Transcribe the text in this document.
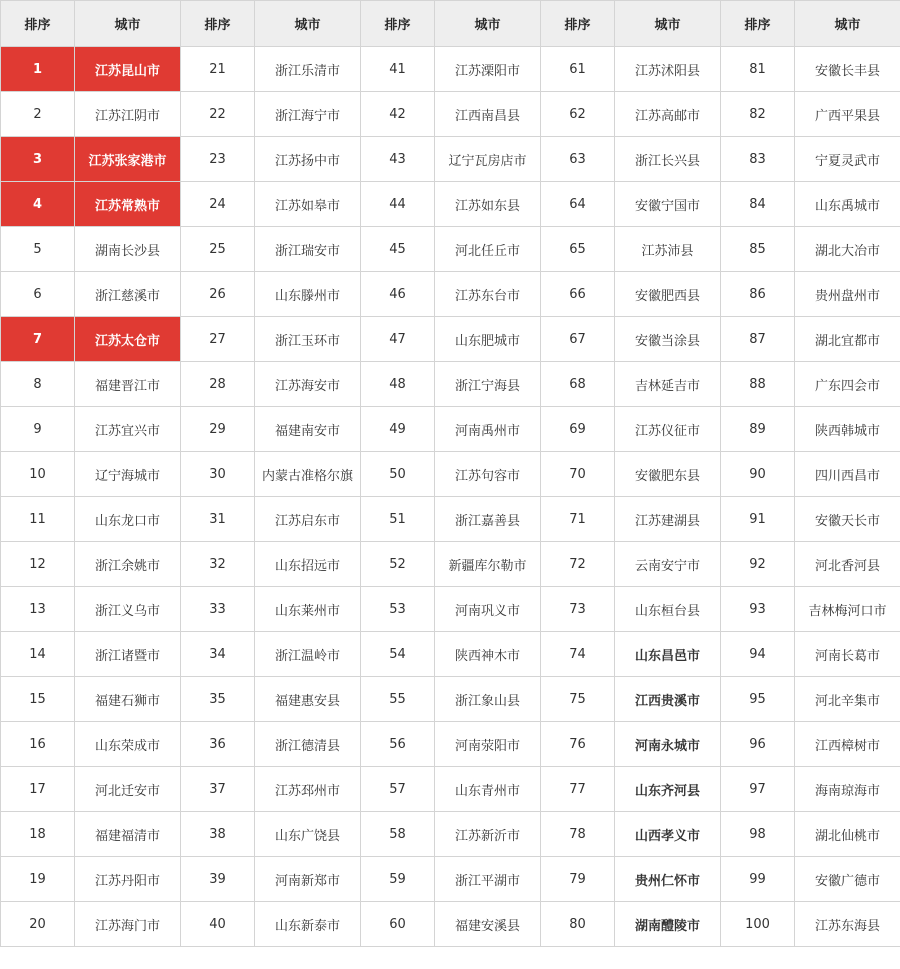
排序	城市	排序	城市	排序	城市	排序	城市	排序	城市
1	江苏昆山市	21	浙江乐清市	41	江苏溧阳市	61	江苏沭阳县	81	安徽长丰县
2	江苏江阴市	22	浙江海宁市	42	江西南昌县	62	江苏高邮市	82	广西平果县
3	江苏张家港市	23	江苏扬中市	43	辽宁瓦房店市	63	浙江长兴县	83	宁夏灵武市
4	江苏常熟市	24	江苏如皋市	44	江苏如东县	64	安徽宁国市	84	山东禹城市
5	湖南长沙县	25	浙江瑞安市	45	河北任丘市	65	江苏沛县	85	湖北大冶市
6	浙江慈溪市	26	山东滕州市	46	江苏东台市	66	安徽肥西县	86	贵州盘州市
7	江苏太仓市	27	浙江玉环市	47	山东肥城市	67	安徽当涂县	87	湖北宜都市
8	福建晋江市	28	江苏海安市	48	浙江宁海县	68	吉林延吉市	88	广东四会市
9	江苏宜兴市	29	福建南安市	49	河南禹州市	69	江苏仪征市	89	陕西韩城市
10	辽宁海城市	30	内蒙古准格尔旗	50	江苏句容市	70	安徽肥东县	90	四川西昌市
11	山东龙口市	31	江苏启东市	51	浙江嘉善县	71	江苏建湖县	91	安徽天长市
12	浙江余姚市	32	山东招远市	52	新疆库尔勒市	72	云南安宁市	92	河北香河县
13	浙江义乌市	33	山东莱州市	53	河南巩义市	73	山东桓台县	93	吉林梅河口市
14	浙江诸暨市	34	浙江温岭市	54	陕西神木市	74	山东昌邑市	94	河南长葛市
15	福建石狮市	35	福建惠安县	55	浙江象山县	75	江西贵溪市	95	河北辛集市
16	山东荣成市	36	浙江德清县	56	河南荥阳市	76	河南永城市	96	江西樟树市
17	河北迁安市	37	江苏邳州市	57	山东青州市	77	山东齐河县	97	海南琼海市
18	福建福清市	38	山东广饶县	58	江苏新沂市	78	山西孝义市	98	湖北仙桃市
19	江苏丹阳市	39	河南新郑市	59	浙江平湖市	79	贵州仁怀市	99	安徽广德市
20	江苏海门市	40	山东新泰市	60	福建安溪县	80	湖南醴陵市	100	江苏东海县
